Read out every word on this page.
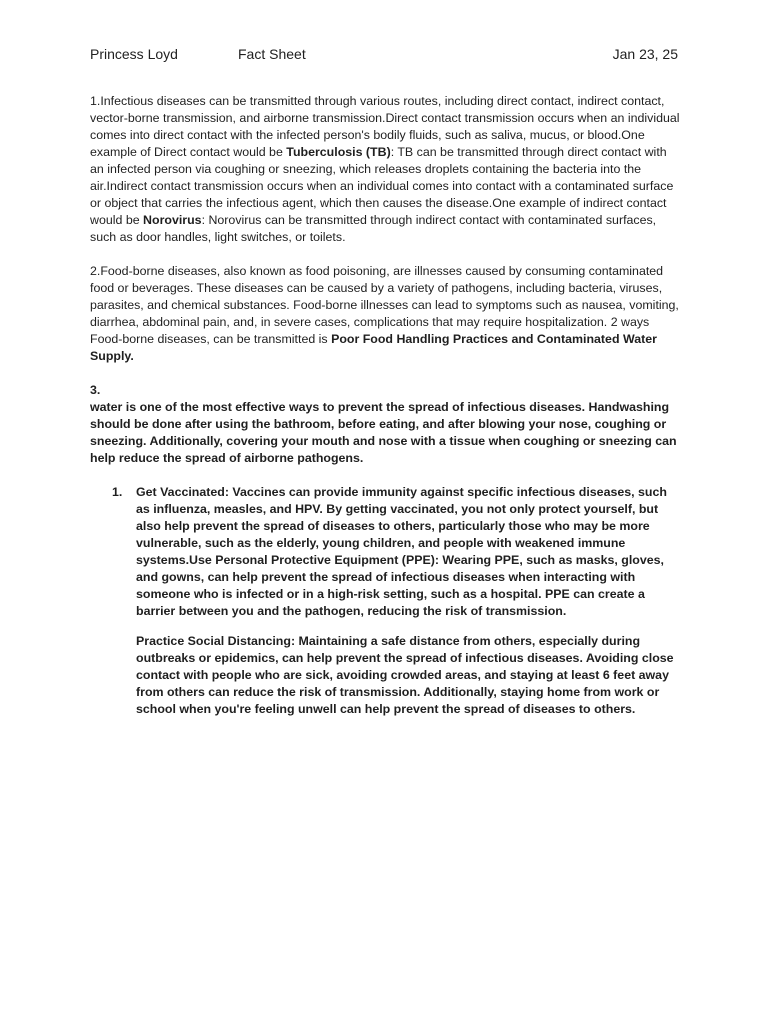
Princess Loyd	Fact Sheet	Jan 23, 25

1.Infectious diseases can be transmitted through various routes, including direct contact, indirect contact, vector-borne transmission, and airborne transmission.Direct contact transmission occurs when an individual comes into direct contact with the infected person's bodily fluids, such as saliva, mucus, or blood.One example of Direct contact would be Tuberculosis (TB): TB can be transmitted through direct contact with an infected person via coughing or sneezing, which releases droplets containing the bacteria into the air.Indirect contact transmission occurs when an individual comes into contact with a contaminated surface or object that carries the infectious agent, which then causes the disease.One example of indirect contact would be Norovirus: Norovirus can be transmitted through indirect contact with contaminated surfaces, such as door handles, light switches, or toilets.

2.Food-borne diseases, also known as food poisoning, are illnesses caused by consuming contaminated food or beverages. These diseases can be caused by a variety of pathogens, including bacteria, viruses, parasites, and chemical substances. Food-borne illnesses can lead to symptoms such as nausea, vomiting, diarrhea, abdominal pain, and, in severe cases, complications that may require hospitalization. 2 ways Food-borne diseases, can be transmitted is Poor Food Handling Practices and Contaminated Water Supply.

3.

water is one of the most effective ways to prevent the spread of infectious diseases. Handwashing should be done after using the bathroom, before eating, and after blowing your nose, coughing or sneezing. Additionally, covering your mouth and nose with a tissue when coughing or sneezing can help reduce the spread of airborne pathogens.

1. Get Vaccinated: Vaccines can provide immunity against specific infectious diseases, such as influenza, measles, and HPV. By getting vaccinated, you not only protect yourself, but also help prevent the spread of diseases to others, particularly those who may be more vulnerable, such as the elderly, young children, and people with weakened immune systems.Use Personal Protective Equipment (PPE): Wearing PPE, such as masks, gloves, and gowns, can help prevent the spread of infectious diseases when interacting with someone who is infected or in a high-risk setting, such as a hospital. PPE can create a barrier between you and the pathogen, reducing the risk of transmission.

Practice Social Distancing: Maintaining a safe distance from others, especially during outbreaks or epidemics, can help prevent the spread of infectious diseases. Avoiding close contact with people who are sick, avoiding crowded areas, and staying at least 6 feet away from others can reduce the risk of transmission. Additionally, staying home from work or school when you're feeling unwell can help prevent the spread of diseases to others.
